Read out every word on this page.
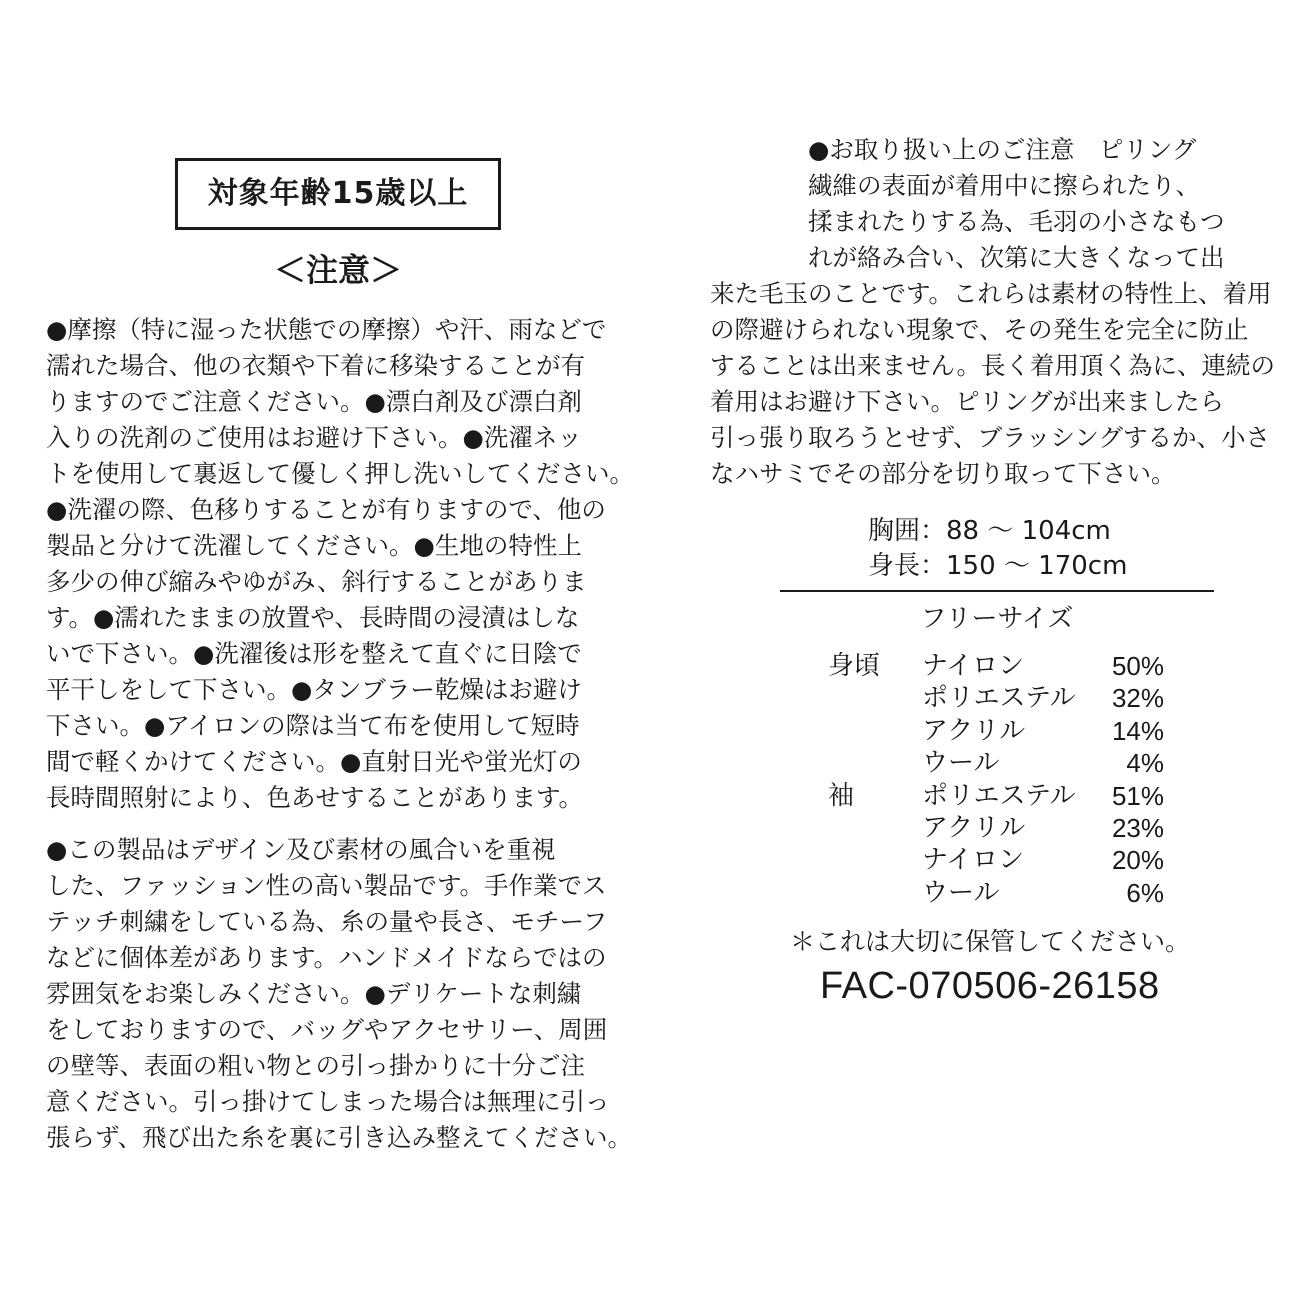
対象年齢15歳以上
＜注意＞

●摩擦（特に湿った状態での摩擦）や汗、雨などで
濡れた場合、他の衣類や下着に移染することが有
りますのでご注意ください。●漂白剤及び漂白剤
入りの洗剤のご使用はお避け下さい。●洗濯ネッ
トを使用して裏返して優しく押し洗いしてください。
●洗濯の際、色移りすることが有りますので、他の
製品と分けて洗濯してください。●生地の特性上
多少の伸び縮みやゆがみ、斜行することがありま
す。●濡れたままの放置や、長時間の浸漬はしな
いで下さい。●洗濯後は形を整えて直ぐに日陰で
平干しをして下さい。●タンブラー乾燥はお避け
下さい。●アイロンの際は当て布を使用して短時
間で軽くかけてください。●直射日光や蛍光灯の
長時間照射により、色あせすることがあります。

●この製品はデザイン及び素材の風合いを重視
した、ファッション性の高い製品です。手作業でス
テッチ刺繍をしている為、糸の量や長さ、モチーフ
などに個体差があります。ハンドメイドならではの
雰囲気をお楽しみください。●デリケートな刺繍
をしておりますので、バッグやアクセサリー、周囲
の壁等、表面の粗い物との引っ掛かりに十分ご注
意ください。引っ掛けてしまった場合は無理に引っ
張らず、飛び出た糸を裏に引き込み整えてください。

　　　　●お取り扱い上のご注意　ピリング
　　　　繊維の表面が着用中に擦られたり、
　　　　揉まれたりする為、毛羽の小さなもつ
　　　　れが絡み合い、次第に大きくなって出
来た毛玉のことです。これらは素材の特性上、着用
の際避けられない現象で、その発生を完全に防止
することは出来ません。長く着用頂く為に、連続の
着用はお避け下さい。ピリングが出来ましたら
引っ張り取ろうとせず、ブラッシングするか、小さ
なハサミでその部分を切り取って下さい。

胸囲：88 ～ 104cm
身長：150 ～ 170cm
フリーサイズ
身頃 ナイロン	50%
ポリエステル 32%
アクリル	14%
ウール	4%
袖	ポリエステル 51%
アクリル	23%
ナイロン	20%
ウール	6%
＊これは大切に保管してください。
FAC-070506-26158
